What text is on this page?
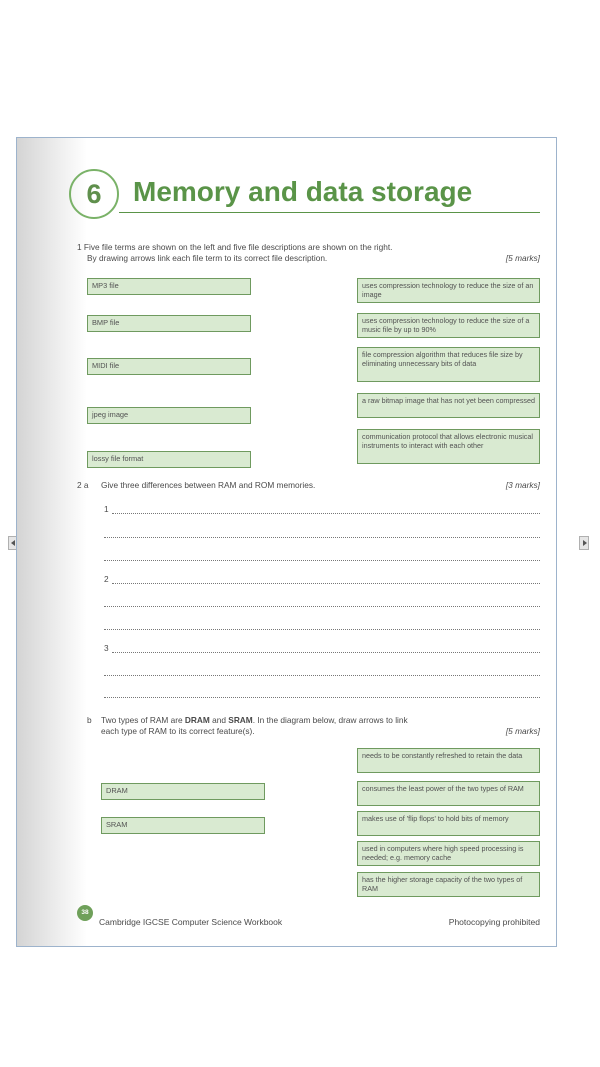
6	Memory and data storage
1 Five file terms are shown on the left and five file descriptions are shown on the right.
By drawing arrows link each file term to its correct file description.	[5 marks]
MP3 file
BMP file
MIDI file
jpeg image
lossy file format
uses compression technology to reduce the size of an image
uses compression technology to reduce the size of a music file by up to 90%
file compression algorithm that reduces file size by eliminating unnecessary bits of data
a raw bitmap image that has not yet been compressed
communication protocol that allows electronic musical instruments to interact with each other
2 a Give three differences between RAM and ROM memories.	[3 marks]
1
2
3
b Two types of RAM are DRAM and SRAM. In the diagram below, draw arrows to link
each type of RAM to its correct feature(s).	[5 marks]
needs to be constantly refreshed to retain the data
consumes the least power of the two types of RAM
makes use of 'flip flops' to hold bits of memory
used in computers where high speed processing is needed; e.g. memory cache
has the higher storage capacity of the two types of RAM
DRAM
SRAM
38
Cambridge IGCSE Computer Science Workbook	Photocopying prohibited
